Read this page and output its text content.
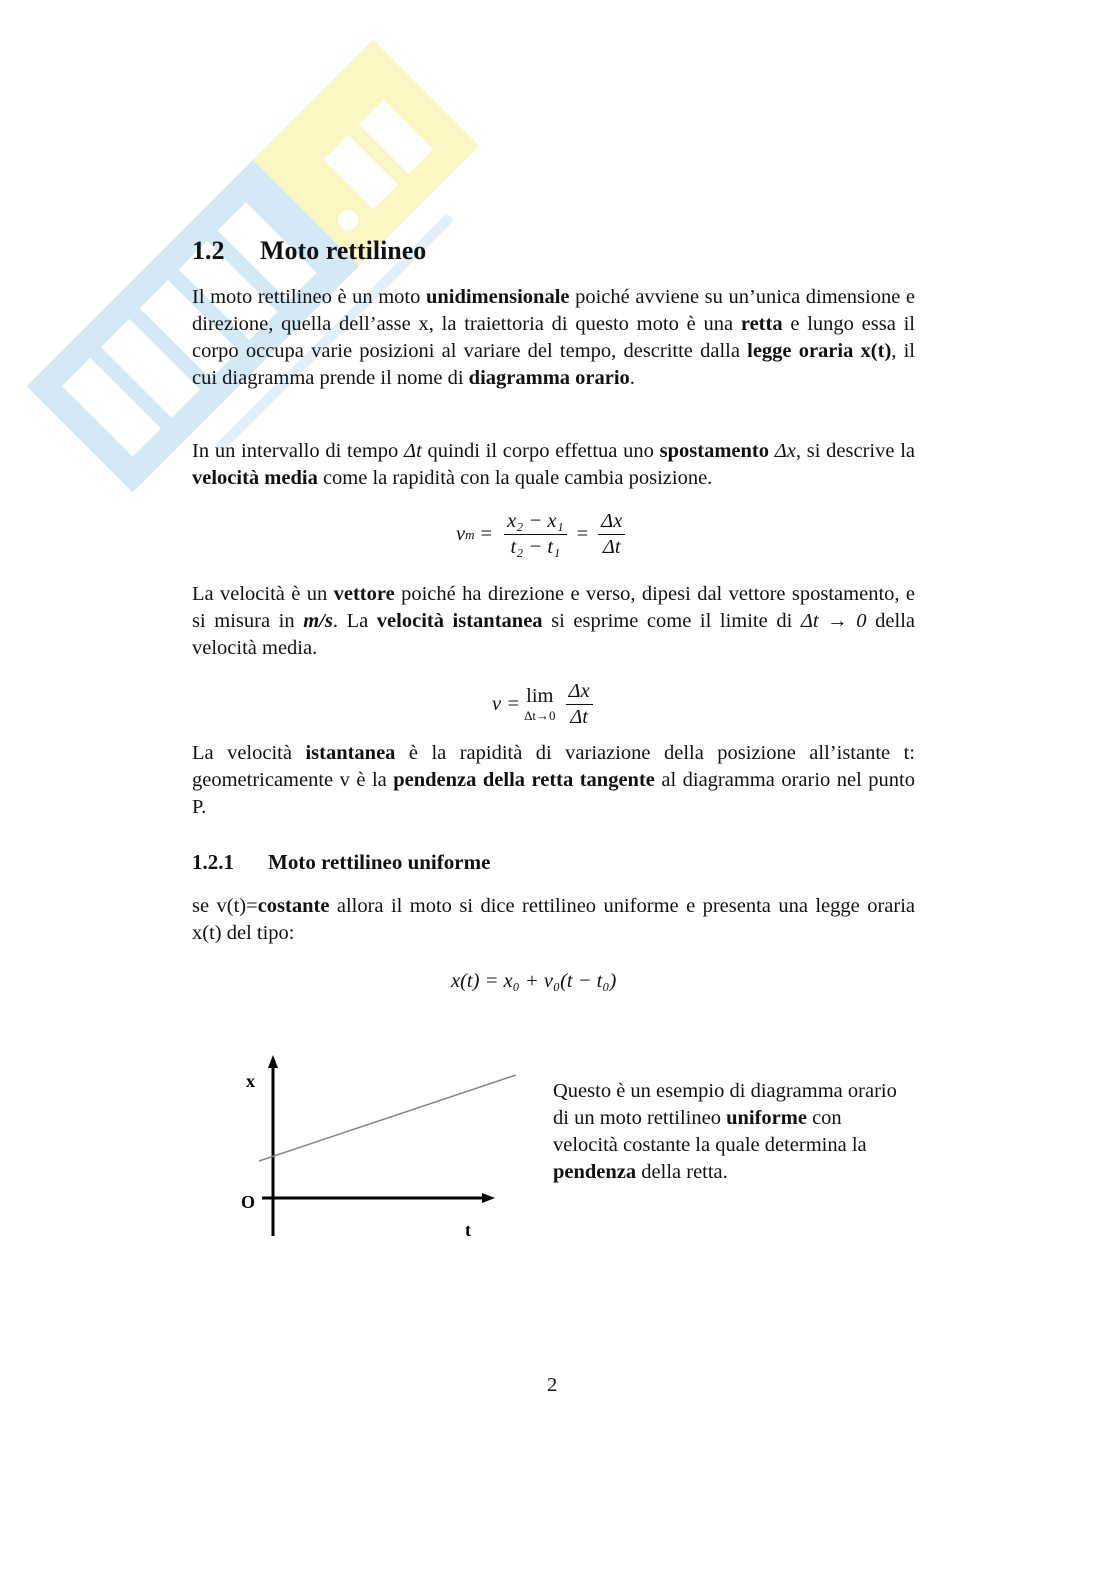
1.2 Moto rettilineo
Il moto rettilineo è un moto unidimensionale poiché avviene su un’unica dimensione e direzione, quella dell’asse x, la traiettoria di questo moto è una retta e lungo essa il corpo occupa varie posizioni al variare del tempo, descritte dalla legge oraria x(t), il cui diagramma prende il nome di diagramma orario.
In un intervallo di tempo Δt quindi il corpo effettua uno spostamento Δx, si descrive la velocità media come la rapidità con la quale cambia posizione.
v $m = \frac{\text{x₂ − x₁}}{\text{t₂ − t₁}} = \frac{\Delta x}{\Delta t}$
La velocità è un vettore poiché ha direzione e verso, dipesi dal vettore spostamento, e si misura in m/s. La velocità istantanea si esprime come il limite di Δt → 0 della velocità media.
v = lim
$\Delta t\to 0 \frac{\Delta x}{\Delta t}$
La velocità istantanea è la rapidità di variazione della posizione all’istante t: geometricamente v è la pendenza della retta tangente al diagramma orario nel punto P.
1.2.1 Moto rettilineo uniforme
se v(t)=costante allora il moto si dice rettilineo uniforme e presenta una legge oraria x(t) del tipo:
x(t) = x₀ + v₀(t − t₀)
x
O
t
Questo è un esempio di diagramma orario di un moto rettilineo uniforme con velocità costante la quale determina la pendenza della retta.
2
